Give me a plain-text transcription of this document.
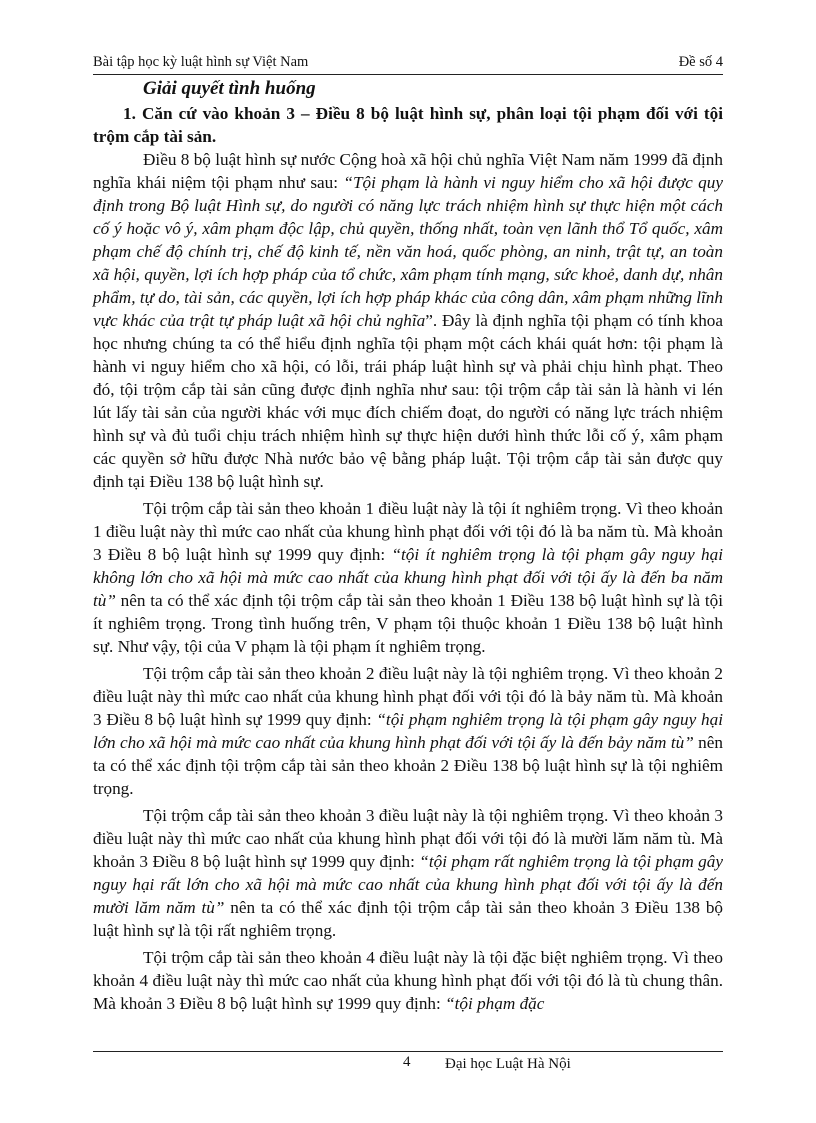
Bài tập học kỳ luật hình sự Việt Nam	Đề số 4
Giải quyết tình huống
1. Căn cứ vào khoản 3 – Điều 8 bộ luật hình sự, phân loại tội phạm đối với tội trộm cắp tài sản.

Điều 8 bộ luật hình sự nước Cộng hoà xã hội chủ nghĩa Việt Nam năm 1999 đã định nghĩa khái niệm tội phạm như sau: “Tội phạm là hành vi nguy hiểm cho xã hội được quy định trong Bộ luật Hình sự, do người có năng lực trách nhiệm hình sự thực hiện một cách cố ý hoặc vô ý, xâm phạm độc lập, chủ quyền, thống nhất, toàn vẹn lãnh thổ Tổ quốc, xâm phạm chế độ chính trị, chế độ kinh tế, nền văn hoá, quốc phòng, an ninh, trật tự, an toàn xã hội, quyền, lợi ích hợp pháp của tổ chức, xâm phạm tính mạng, sức khoẻ, danh dự, nhân phẩm, tự do, tài sản, các quyền, lợi ích hợp pháp khác của công dân, xâm phạm những lĩnh vực khác của trật tự pháp luật xã hội chủ nghĩa”. Đây là định nghĩa tội phạm có tính khoa học nhưng chúng ta có thể hiểu định nghĩa tội phạm một cách khái quát hơn: tội phạm là hành vi nguy hiểm cho xã hội, có lỗi, trái pháp luật hình sự và phải chịu hình phạt. Theo đó, tội trộm cắp tài sản cũng được định nghĩa như sau: tội trộm cắp tài sản là hành vi lén lút lấy tài sản của người khác với mục đích chiếm đoạt, do người có năng lực trách nhiệm hình sự và đủ tuổi chịu trách nhiệm hình sự thực hiện dưới hình thức lỗi cố ý, xâm phạm các quyền sở hữu được Nhà nước bảo vệ bằng pháp luật. Tội trộm cắp tài sản được quy định tại Điều 138 bộ luật hình sự.

Tội trộm cắp tài sản theo khoản 1 điều luật này là tội ít nghiêm trọng. Vì theo khoản 1 điều luật này thì mức cao nhất của khung hình phạt đối với tội đó là ba năm tù. Mà khoản 3 Điều 8 bộ luật hình sự 1999 quy định: “tội ít nghiêm trọng là tội phạm gây nguy hại không lớn cho xã hội mà mức cao nhất của khung hình phạt đối với tội ấy là đến ba năm tù” nên ta có thể xác định tội trộm cắp tài sản theo khoản 1 Điều 138 bộ luật hình sự là tội ít nghiêm trọng. Trong tình huống trên, V phạm tội thuộc khoản 1 Điều 138 bộ luật hình sự. Như vậy, tội của V phạm là tội phạm ít nghiêm trọng.

Tội trộm cắp tài sản theo khoản 2 điều luật này là tội nghiêm trọng. Vì theo khoản 2 điều luật này thì mức cao nhất của khung hình phạt đối với tội đó là bảy năm tù. Mà khoản 3 Điều 8 bộ luật hình sự 1999 quy định: “tội phạm nghiêm trọng là tội phạm gây nguy hại lớn cho xã hội mà mức cao nhất của khung hình phạt đối với tội ấy là đến bảy năm tù” nên ta có thể xác định tội trộm cắp tài sản theo khoản 2 Điều 138 bộ luật hình sự là tội nghiêm trọng.

Tội trộm cắp tài sản theo khoản 3 điều luật này là tội nghiêm trọng. Vì theo khoản 3 điều luật này thì mức cao nhất của khung hình phạt đối với tội đó là mười lăm năm tù. Mà khoản 3 Điều 8 bộ luật hình sự 1999 quy định: “tội phạm rất nghiêm trọng là tội phạm gây nguy hại rất lớn cho xã hội mà mức cao nhất của khung hình phạt đối với tội ấy là đến mười lăm năm tù” nên ta có thể xác định tội trộm cắp tài sản theo khoản 3 Điều 138 bộ luật hình sự là tội rất nghiêm trọng.

Tội trộm cắp tài sản theo khoản 4 điều luật này là tội đặc biệt nghiêm trọng. Vì theo khoản 4 điều luật này thì mức cao nhất của khung hình phạt đối với tội đó là tù chung thân. Mà khoản 3 Điều 8 bộ luật hình sự 1999 quy định: “tội phạm đặc

4 Đại học Luật Hà Nội
